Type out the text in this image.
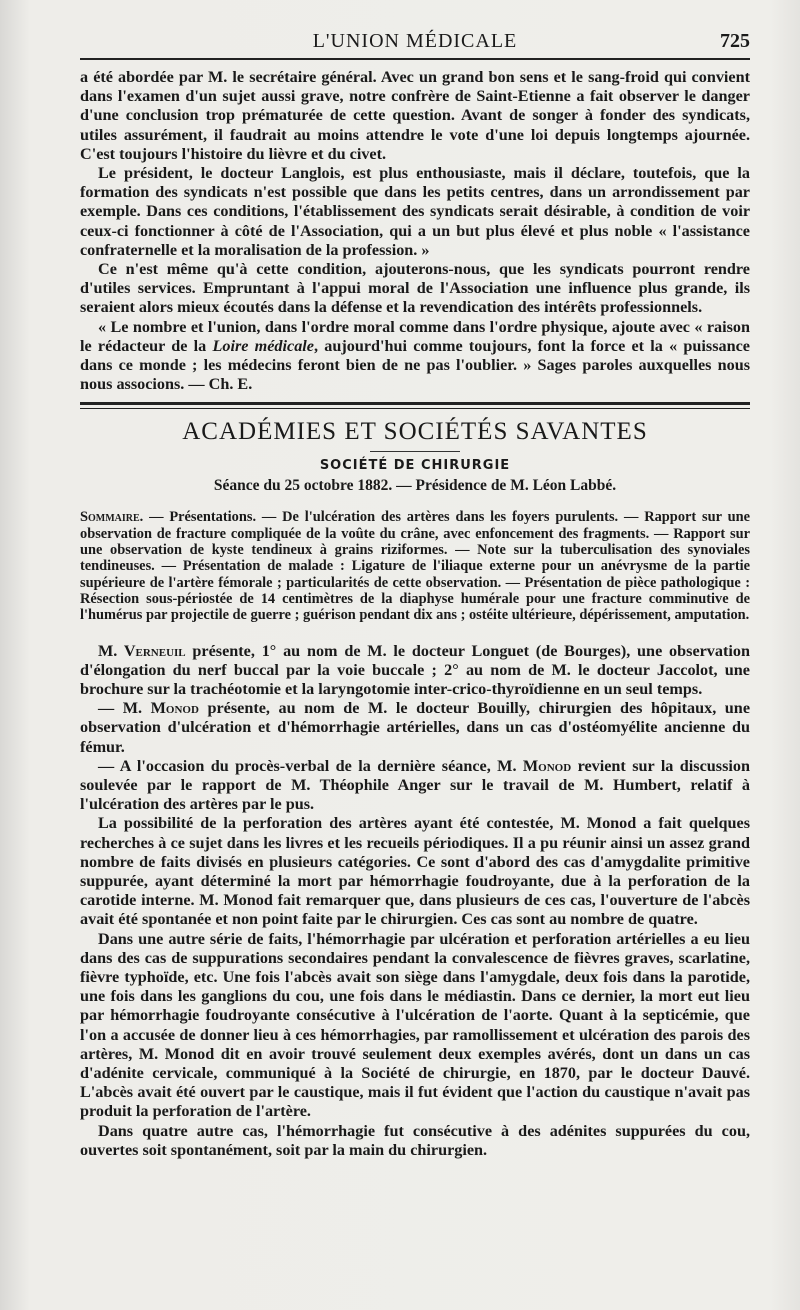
L'UNION MÉDICALE	725

a été abordée par M. le secrétaire général. Avec un grand bon sens et le sang-froid qui convient dans l'examen d'un sujet aussi grave, notre confrère de Saint-Etienne a fait observer le danger d'une conclusion trop prématurée de cette question. Avant de songer à fonder des syndicats, utiles assurément, il faudrait au moins attendre le vote d'une loi depuis longtemps ajournée. C'est toujours l'histoire du lièvre et du civet.

Le président, le docteur Langlois, est plus enthousiaste, mais il déclare, toutefois, que la formation des syndicats n'est possible que dans les petits centres, dans un arrondissement par exemple. Dans ces conditions, l'établissement des syndicats serait désirable, à condition de voir ceux-ci fonctionner à côté de l'Association, qui a un but plus élevé et plus noble « l'assistance confraternelle et la moralisation de la profession. »

Ce n'est même qu'à cette condition, ajouterons-nous, que les syndicats pourront rendre d'utiles services. Empruntant à l'appui moral de l'Association une influence plus grande, ils seraient alors mieux écoutés dans la défense et la revendication des intérêts professionnels.

« Le nombre et l'union, dans l'ordre moral comme dans l'ordre physique, ajoute avec « raison le rédacteur de la Loire médicale, aujourd'hui comme toujours, font la force et la « puissance dans ce monde ; les médecins feront bien de ne pas l'oublier. » Sages paroles auxquelles nous nous associons. — Ch. E.

ACADÉMIES ET SOCIÉTÉS SAVANTES
SOCIÉTÉ DE CHIRURGIE
Séance du 25 octobre 1882. — Présidence de M. Léon Labbé.
Sommaire. — Présentations. — De l'ulcération des artères dans les foyers purulents. — Rapport sur une observation de fracture compliquée de la voûte du crâne, avec enfoncement des fragments. — Rapport sur une observation de kyste tendineux à grains riziformes. — Note sur la tuberculisation des synoviales tendineuses. — Présentation de malade : Ligature de l'iliaque externe pour un anévrysme de la partie supérieure de l'artère fémorale ; particularités de cette observation. — Présentation de pièce pathologique : Résection sous-périostée de 14 centimètres de la diaphyse humérale pour une fracture comminutive de l'humérus par projectile de guerre ; guérison pendant dix ans ; ostéite ultérieure, dépérissement, amputation.

M. Verneuil présente, 1° au nom de M. le docteur Longuet (de Bourges), une observation d'élongation du nerf buccal par la voie buccale ; 2° au nom de M. le docteur Jaccolot, une brochure sur la trachéotomie et la laryngotomie inter-crico-thyroïdienne en un seul temps.

— M. Monod présente, au nom de M. le docteur Bouilly, chirurgien des hôpitaux, une observation d'ulcération et d'hémorrhagie artérielles, dans un cas d'ostéomyélite ancienne du fémur.

— A l'occasion du procès-verbal de la dernière séance, M. Monod revient sur la discussion soulevée par le rapport de M. Théophile Anger sur le travail de M. Humbert, relatif à l'ulcération des artères par le pus.

La possibilité de la perforation des artères ayant été contestée, M. Monod a fait quelques recherches à ce sujet dans les livres et les recueils périodiques. Il a pu réunir ainsi un assez grand nombre de faits divisés en plusieurs catégories. Ce sont d'abord des cas d'amygdalite primitive suppurée, ayant déterminé la mort par hémorrhagie foudroyante, due à la perforation de la carotide interne. M. Monod fait remarquer que, dans plusieurs de ces cas, l'ouverture de l'abcès avait été spontanée et non point faite par le chirurgien. Ces cas sont au nombre de quatre.

Dans une autre série de faits, l'hémorrhagie par ulcération et perforation artérielles a eu lieu dans des cas de suppurations secondaires pendant la convalescence de fièvres graves, scarlatine, fièvre typhoïde, etc. Une fois l'abcès avait son siège dans l'amygdale, deux fois dans la parotide, une fois dans les ganglions du cou, une fois dans le médiastin. Dans ce dernier, la mort eut lieu par hémorrhagie foudroyante consécutive à l'ulcération de l'aorte. Quant à la septicémie, que l'on a accusée de donner lieu à ces hémorrhagies, par ramollissement et ulcération des parois des artères, M. Monod dit en avoir trouvé seulement deux exemples avérés, dont un dans un cas d'adénite cervicale, communiqué à la Société de chirurgie, en 1870, par le docteur Dauvé. L'abcès avait été ouvert par le caustique, mais il fut évident que l'action du caustique n'avait pas produit la perforation de l'artère.

Dans quatre autre cas, l'hémorrhagie fut consécutive à des adénites suppurées du cou, ouvertes soit spontanément, soit par la main du chirurgien.
